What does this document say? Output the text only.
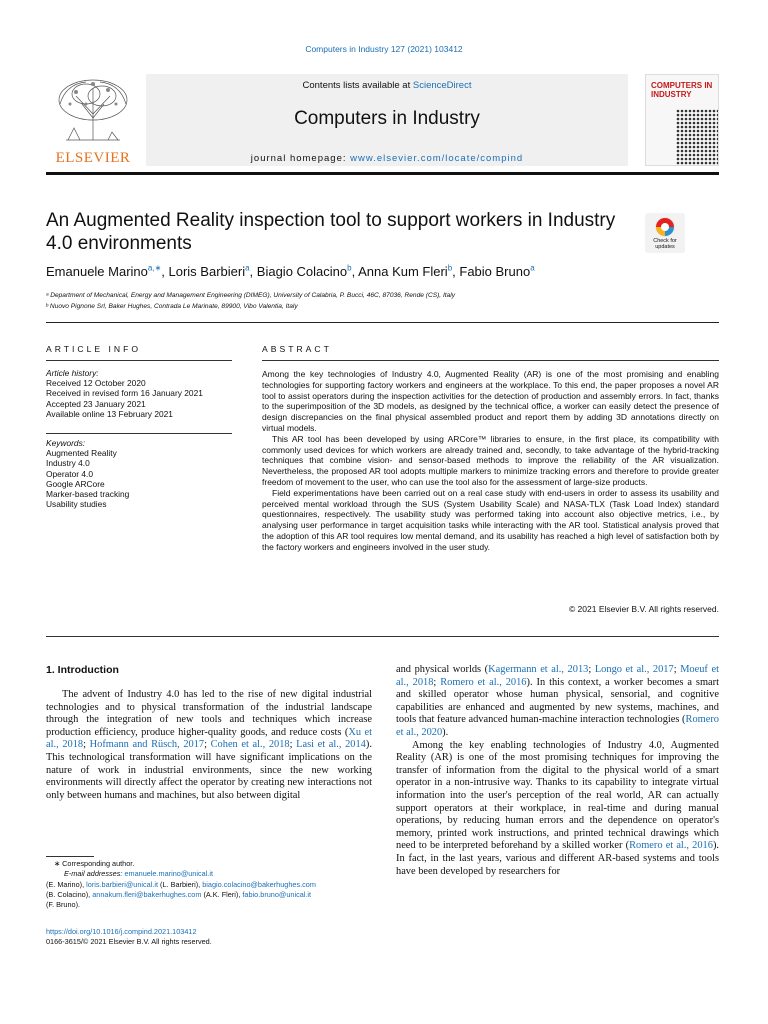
Computers in Industry 127 (2021) 103412
ELSEVIER
Contents lists available at ScienceDirect
Computers in Industry
journal homepage: www.elsevier.com/locate/compind
COMPUTERS IN INDUSTRY
An Augmented Reality inspection tool to support workers in Industry 4.0 environments	Check for updates
Emanuele Marino$^{a,∗}$, Loris Barbieri$^a$, Biagio Colacino$^b$, Anna Kum Fleri$^b$, Fabio Bruno$^a$
ᵃ Department of Mechanical, Energy and Management Engineering (DIMEG), University of Calabria, P. Bucci, 46C, 87036, Rende (CS), Italy
ᵇ Nuovo Pignone Srl, Baker Hughes, Contrada Le Marinate, 89900, Vibo Valentia, Italy
ARTICLE INFO
Article history:
Received 12 October 2020
Received in revised form 16 January 2021
Accepted 23 January 2021
Available online 13 February 2021
Keywords:
Augmented Reality
Industry 4.0
Operator 4.0
Google ARCore
Marker-based tracking
Usability studies
ABSTRACT

Among the key technologies of Industry 4.0, Augmented Reality (AR) is one of the most promising and enabling technologies for supporting factory workers and engineers at the workplace. To this end, the paper proposes a novel AR tool to assist operators during the inspection activities for the detection of production and assembly errors. In fact, thanks to the superimposition of the 3D models, as designed by the technical office, a worker can easily detect the presence of design discrepancies on the final physical assembled product and report them by adding 3D annotations directly on virtual models.

This AR tool has been developed by using ARCore™ libraries to ensure, in the first place, its compatibility with commonly used devices for which workers are already trained and, secondly, to take advantage of the hybrid-tracking techniques that combine vision- and sensor-based methods to improve the reliability of the AR visualization. Nevertheless, the proposed AR tool adopts multiple markers to minimize tracking errors and therefore to provide greater freedom of movement to the user, who can use the tool also for the assessment of large-size products.

Field experimentations have been carried out on a real case study with end-users in order to assess its usability and perceived mental workload through the SUS (System Usability Scale) and NASA-TLX (Task Load Index) standard questionnaires, respectively. The usability study was performed taking into account also objective metrics, i.e., by analysing user performance in target acquisition tasks while interacting with the AR tool. Statistical analysis proved that the adoption of this AR tool requires low mental demand, and its usability has reached a high level of satisfaction both by the factory workers and engineers involved in the user study.

© 2021 Elsevier B.V. All rights reserved.
1. Introduction

The advent of Industry 4.0 has led to the rise of new digital industrial technologies and to physical transformation of the industrial landscape through the integration of new tools and techniques which increase production efficiency, produce higher-quality goods, and reduce costs (Xu et al., 2018; Hofmann and Rüsch, 2017; Cohen et al., 2018; Lasi et al., 2014). This technological transformation will have significant implications on the nature of work in industrial environments, since the new working environments will directly affect the operator by creating new interactions not only between humans and machines, but also between digital

and physical worlds (Kagermann et al., 2013; Longo et al., 2017; Moeuf et al., 2018; Romero et al., 2016). In this context, a worker becomes a smart and skilled operator whose human physical, sensorial, and cognitive capabilities are enhanced and augmented by new systems, machines, and tools that feature advanced human-machine interaction technologies (Romero et al., 2020).

Among the key enabling technologies of Industry 4.0, Augmented Reality (AR) is one of the most promising techniques for improving the transfer of information from the digital to the physical world of a smart operator in a non-intrusive way. Thanks to its capability to integrate virtual information into the user's perception of the real world, AR can actually support operators at their workplace, in real-time and during manual operations, by reducing human errors and the dependence on operator's memory, printed work instructions, and printed technical drawings which need to be interpreted beforehand by a skilled worker (Romero et al., 2016). In fact, in the last years, various and different AR-based systems and tools have been developed by researchers for

∗ Corresponding author.
E-mail addresses: emanuele.marino@unical.it
(E. Marino), loris.barbieri@unical.it (L. Barbieri), biagio.colacino@bakerhughes.com
(B. Colacino), annakum.fleri@bakerhughes.com (A.K. Fleri), fabio.bruno@unical.it
(F. Bruno).
https://doi.org/10.1016/j.compind.2021.103412
0166-3615/© 2021 Elsevier B.V. All rights reserved.
